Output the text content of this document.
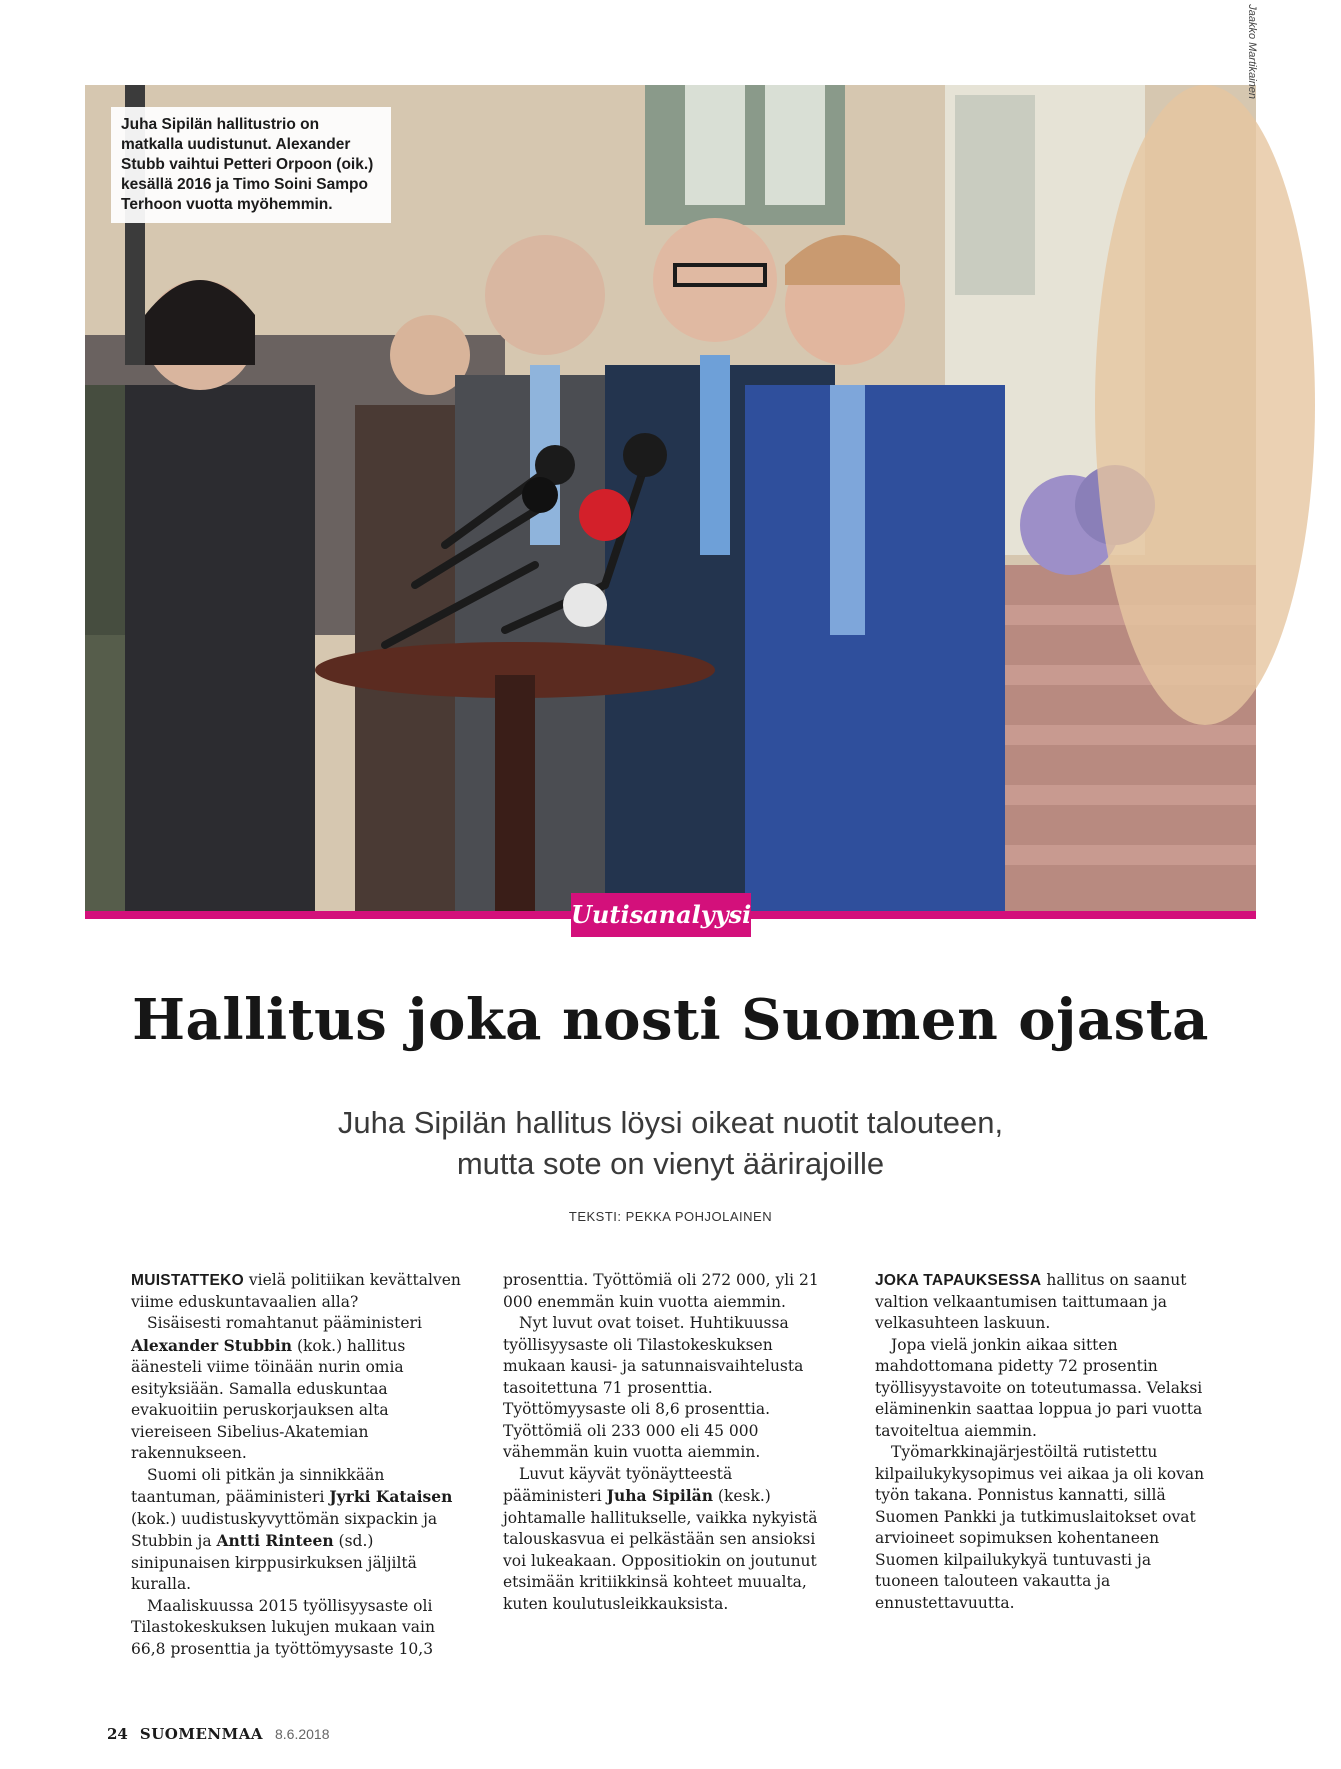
Juha Sipilän hallitustrio on matkalla uudistunut. Alexander Stubb vaihtui Petteri Orpoon (oik.) kesällä 2016 ja Timo Soini Sampo Terhoon vuotta myöhemmin.
Jaakko Martikainen
Uutisanalyysi
Hallitus joka nosti Suomen ojasta
Juha Sipilän hallitus löysi oikeat nuotit talouteen,
mutta sote on vienyt äärirajoille
TEKSTI: PEKKA POHJOLAINEN

MUISTATTEKO vielä politiikan kevättalven viime eduskuntavaalien alla?

Sisäisesti romahtanut pääministeri Alexander Stubbin (kok.) hallitus äänesteli viime töinään nurin omia esityksiään. Samalla eduskuntaa evakuoitiin peruskorjauksen alta viereiseen Sibelius-Akatemian rakennukseen.

Suomi oli pitkän ja sinnikkään taantuman, pääministeri Jyrki Kataisen (kok.) uudistuskyvyttömän sixpackin ja Stubbin ja Antti Rinteen (sd.) sinipunaisen kirppusirkuksen jäljiltä kuralla.

Maaliskuussa 2015 työllisyysaste oli Tilastokeskuksen lukujen mukaan vain 66,8 prosenttia ja työttömyysaste 10,3

prosenttia. Työttömiä oli 272 000, yli 21 000 enemmän kuin vuotta aiemmin.

Nyt luvut ovat toiset. Huhtikuussa työllisyysaste oli Tilastokeskuksen mukaan kausi- ja satunnaisvaihtelusta tasoitettuna 71 prosenttia. Työttömyysaste oli 8,6 prosenttia. Työttömiä oli 233 000 eli 45 000 vähemmän kuin vuotta aiemmin.

Luvut käyvät työnäytteestä pääministeri Juha Sipilän (kesk.) johtamalle hallitukselle, vaikka nykyistä talouskasvua ei pelkästään sen ansioksi voi lukeakaan. Oppositiokin on joutunut etsimään kritiikkinsä kohteet muualta, kuten koulutusleikkauksista.

JOKA TAPAUKSESSA hallitus on saanut valtion velkaantumisen taittumaan ja velkasuhteen laskuun.

Jopa vielä jonkin aikaa sitten mahdottomana pidetty 72 prosentin työllisyystavoite on toteutumassa. Velaksi eläminenkin saattaa loppua jo pari vuotta tavoiteltua aiemmin.

Työmarkkinajärjestöiltä rutistettu kilpailukykysopimus vei aikaa ja oli kovan työn takana. Ponnistus kannatti, sillä Suomen Pankki ja tutkimuslaitokset ovat arvioineet sopimuksen kohentaneen Suomen kilpailukykyä tuntuvasti ja tuoneen talouteen vakautta ja ennustettavuutta.

24 SUOMENMAA 8.6.2018
